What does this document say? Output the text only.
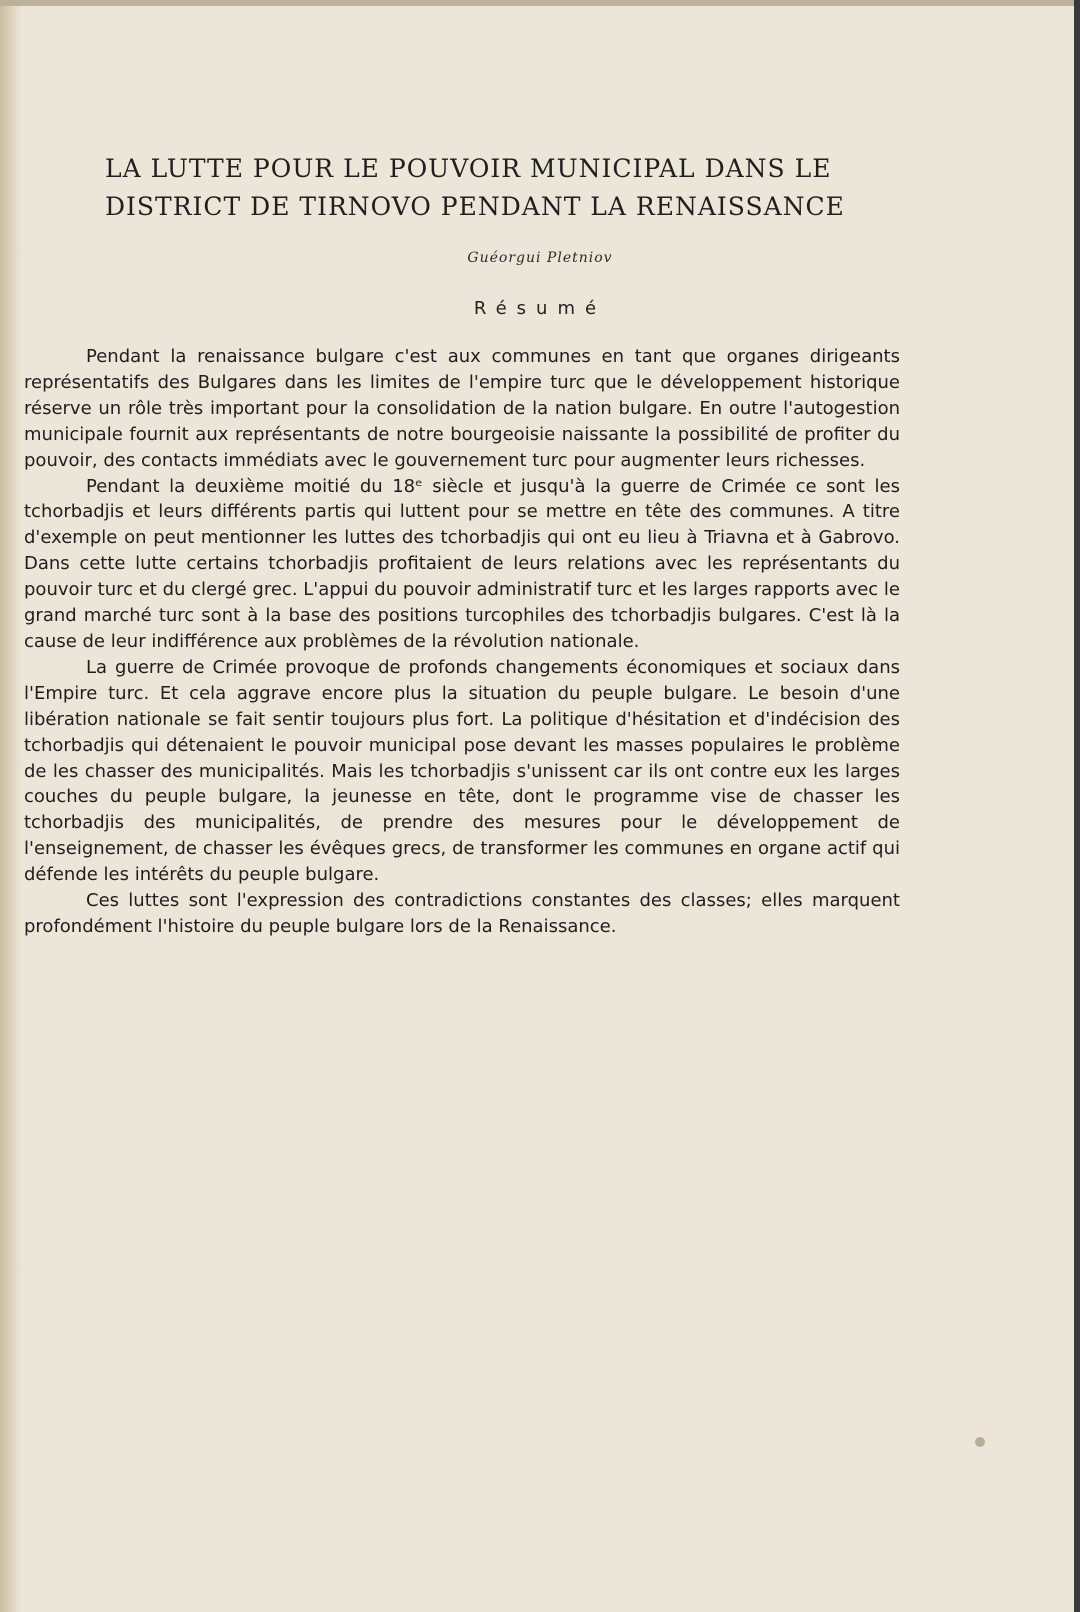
LA LUTTE POUR LE POUVOIR MUNICIPAL DANS LE
DISTRICT DE TIRNOVO PENDANT LA RENAISSANCE
Guéorgui Pletniov
Résumé

Pendant la renaissance bulgare c'est aux communes en tant que organes dirigeants représentatifs des Bulgares dans les limites de l'empire turc que le développement historique réserve un rôle très important pour la consolidation de la nation bulgare. En outre l'autogestion municipale fournit aux représentants de notre bourgeoisie naissante la possibilité de profiter du pouvoir, des contacts immédiats avec le gouvernement turc pour augmenter leurs richesses.

Pendant la deuxième moitié du 18ᵉ siècle et jusqu'à la guerre de Crimée ce sont les tchorbadjis et leurs différents partis qui luttent pour se mettre en tête des communes. A titre d'exemple on peut mentionner les luttes des tchorbadjis qui ont eu lieu à Triavna et à Gabrovo. Dans cette lutte certains tchorbadjis profitaient de leurs relations avec les représentants du pouvoir turc et du clergé grec. L'appui du pouvoir administratif turc et les larges rapports avec le grand marché turc sont à la base des positions turcophiles des tchorbadjis bulgares. C'est là la cause de leur indifférence aux problèmes de la révolution nationale.

La guerre de Crimée provoque de profonds changements économiques et sociaux dans l'Empire turc. Et cela aggrave encore plus la situation du peuple bulgare. Le besoin d'une libération nationale se fait sentir toujours plus fort. La politique d'hésitation et d'indécision des tchorbadjis qui détenaient le pouvoir municipal pose devant les masses populaires le problème de les chasser des municipalités. Mais les tchorbadjis s'unissent car ils ont contre eux les larges couches du peuple bulgare, la jeunesse en tête, dont le programme vise de chasser les tchorbadjis des municipalités, de prendre des mesures pour le développement de l'enseignement, de chasser les évêques grecs, de transformer les communes en organe actif qui défende les intérêts du peuple bulgare.

Ces luttes sont l'expression des contradictions constantes des classes; elles marquent profondément l'histoire du peuple bulgare lors de la Renaissance.
